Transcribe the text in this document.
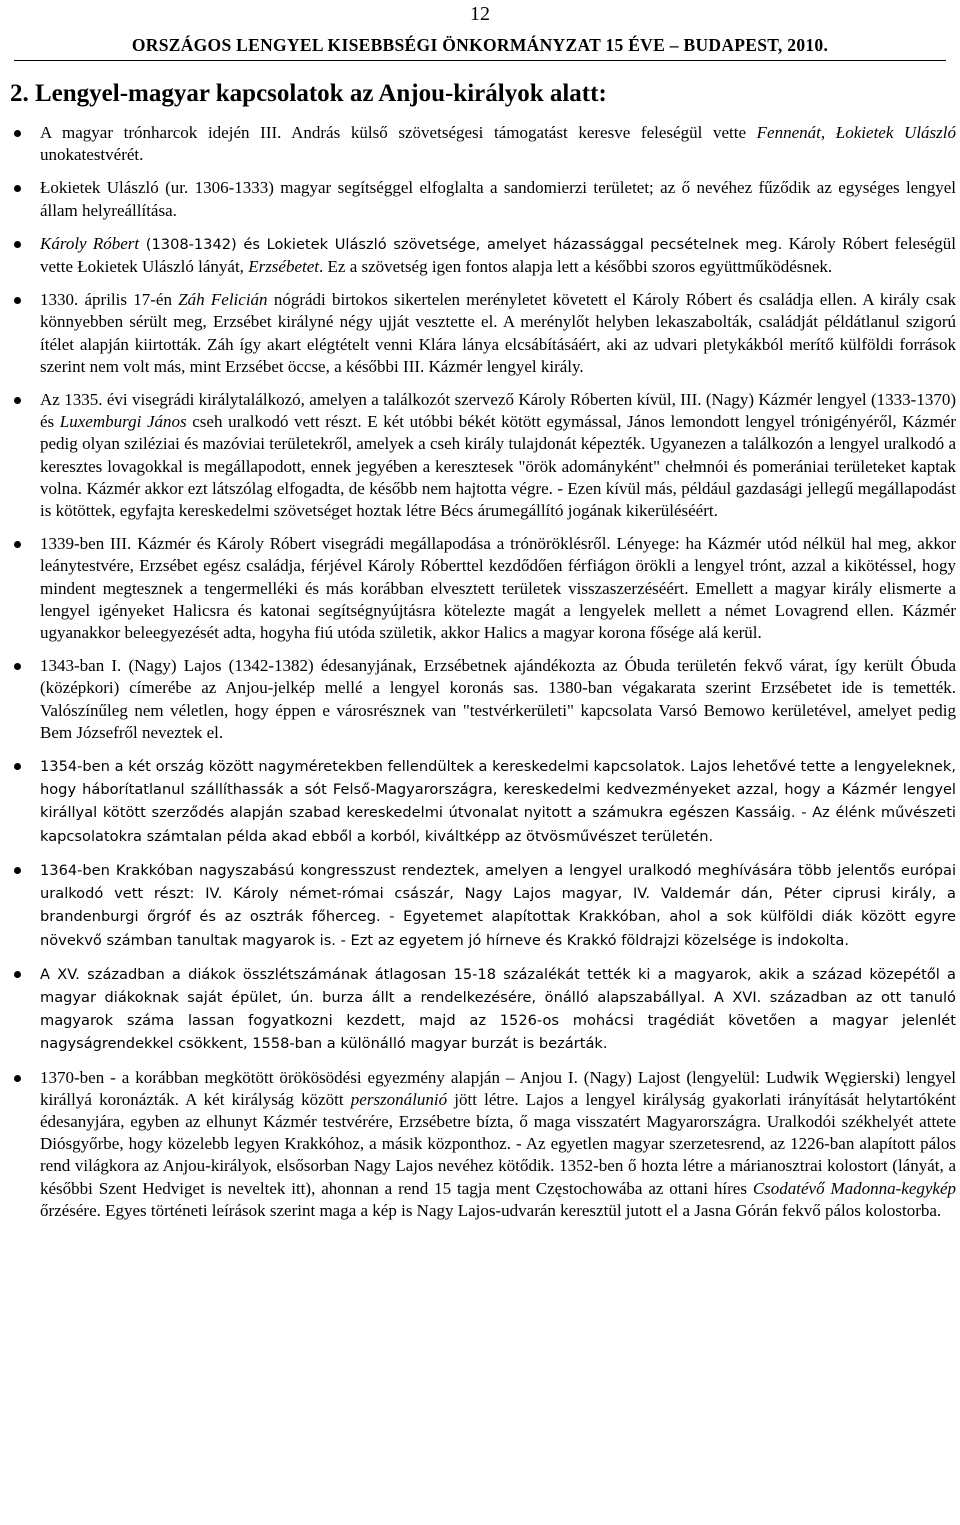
12
ORSZÁGOS LENGYEL KISEBBSÉGI ÖNKORMÁNYZAT 15 ÉVE – BUDAPEST, 2010.
2. Lengyel-magyar kapcsolatok az Anjou-királyok alatt:
A magyar trónharcok idején III. András külső szövetségesi támogatást keresve feleségül vette Fennenát, Łokietek Ulászló unokatestvérét.
Łokietek Ulászló (ur. 1306-1333) magyar segítséggel elfoglalta a sandomierzi területet; az ő nevéhez fűződik az egységes lengyel állam helyreállítása.
Károly Róbert (1308-1342) és Lokietek Ulászló szövetsége, amelyet házassággal pecsételnek meg. Károly Róbert feleségül vette Łokietek Ulászló lányát, Erzsébetet. Ez a szövetség igen fontos alapja lett a későbbi szoros együttműködésnek.
1330. április 17-én Záh Felicián nógrádi birtokos sikertelen merényletet követett el Károly Róbert és családja ellen. A király csak könnyebben sérült meg, Erzsébet királyné négy ujját vesztette el. A merénylőt helyben lekaszabolták, családját példátlanul szigorú ítélet alapján kiirtották. Záh így akart elégtételt venni Klára lánya elcsábításáért, aki az udvari pletykákból merítő külföldi források szerint nem volt más, mint Erzsébet öccse, a későbbi III. Kázmér lengyel király.
Az 1335. évi visegrádi királytalálkozó, amelyen a találkozót szervező Károly Róberten kívül, III. (Nagy) Kázmér lengyel (1333-1370) és Luxemburgi János cseh uralkodó vett részt. E két utóbbi békét kötött egymással, János lemondott lengyel trónigényéről, Kázmér pedig olyan sziléziai és mazóviai területekről, amelyek a cseh király tulajdonát képezték. Ugyanezen a találkozón a lengyel uralkodó a keresztes lovagokkal is megállapodott, ennek jegyében a keresztesek "örök adományként" chełmnói és pomerániai területeket kaptak volna. Kázmér akkor ezt látszólag elfogadta, de később nem hajtotta végre. - Ezen kívül más, például gazdasági jellegű megállapodást is kötöttek, egyfajta kereskedelmi szövetséget hoztak létre Bécs árumegállító jogának kikerüléséért.
1339-ben III. Kázmér és Károly Róbert visegrádi megállapodása a trónöröklésről. Lényege: ha Kázmér utód nélkül hal meg, akkor leánytestvére, Erzsébet egész családja, férjével Károly Róberttel kezdődően férfiágon örökli a lengyel trónt, azzal a kikötéssel, hogy mindent megtesznek a tengermelléki és más korábban elvesztett területek visszaszerzéséért. Emellett a magyar király elismerte a lengyel igényeket Halicsra és katonai segítségnyújtásra kötelezte magát a lengyelek mellett a német Lovagrend ellen. Kázmér ugyanakkor beleegyezését adta, hogyha fiú utóda születik, akkor Halics a magyar korona fősége alá kerül.
1343-ban I. (Nagy) Lajos (1342-1382) édesanyjának, Erzsébetnek ajándékozta az Óbuda területén fekvő várat, így került Óbuda (középkori) címerébe az Anjou-jelkép mellé a lengyel koronás sas. 1380-ban végakarata szerint Erzsébetet ide is temették. Valószínűleg nem véletlen, hogy éppen e városrésznek van "testvérkerületi" kapcsolata Varsó Bemowo kerületével, amelyet pedig Bem Józsefről neveztek el.
1354-ben a két ország között nagyméretekben fellendültek a kereskedelmi kapcsolatok. Lajos lehetővé tette a lengyeleknek, hogy háborítatlanul szállíthassák a sót Felső-Magyarországra, kereskedelmi kedvezményeket azzal, hogy a Kázmér lengyel királlyal kötött szerződés alapján szabad kereskedelmi útvonalat nyitott a számukra egészen Kassáig. - Az élénk művészeti kapcsolatokra számtalan példa akad ebből a korból, kiváltképp az ötvösművészet területén.
1364-ben Krakkóban nagyszabású kongresszust rendeztek, amelyen a lengyel uralkodó meghívására több jelentős európai uralkodó vett részt: IV. Károly német-római császár, Nagy Lajos magyar, IV. Valdemár dán, Péter ciprusi király, a brandenburgi őrgróf és az osztrák főherceg. - Egyetemet alapítottak Krakkóban, ahol a sok külföldi diák között egyre növekvő számban tanultak magyarok is. - Ezt az egyetem jó hírneve és Krakkó földrajzi közelsége is indokolta.
A XV. században a diákok összlétszámának átlagosan 15-18 százalékát tették ki a magyarok, akik a század közepétől a magyar diákoknak saját épület, ún. burza állt a rendelkezésére, önálló alapszabállyal. A XVI. században az ott tanuló magyarok száma lassan fogyatkozni kezdett, majd az 1526-os mohácsi tragédiát követően a magyar jelenlét nagyságrendekkel csökkent, 1558-ban a különálló magyar burzát is bezárták.
1370-ben - a korábban megkötött örökösödési egyezmény alapján – Anjou I. (Nagy) Lajost (lengyelül: Ludwik Węgierski) lengyel királlyá koronázták. A két királyság között perszonálunió jött létre. Lajos a lengyel királyság gyakorlati irányítását helytartóként édesanyjára, egyben az elhunyt Kázmér testvérére, Erzsébetre bízta, ő maga visszatért Magyarországra. Uralkodói székhelyét attete Diósgyőrbe, hogy közelebb legyen Krakkóhoz, a másik központhoz. - Az egyetlen magyar szerzetesrend, az 1226-ban alapított pálos rend világkora az Anjou-királyok, elsősorban Nagy Lajos nevéhez kötődik. 1352-ben ő hozta létre a márianosztrai kolostort (lányát, a későbbi Szent Hedviget is neveltek itt), ahonnan a rend 15 tagja ment Częstochowába az ottani híres Csodatévő Madonna-kegykép őrzésére. Egyes történeti leírások szerint maga a kép is Nagy Lajos-udvarán keresztül jutott el a Jasna Górán fekvő pálos kolostorba.
